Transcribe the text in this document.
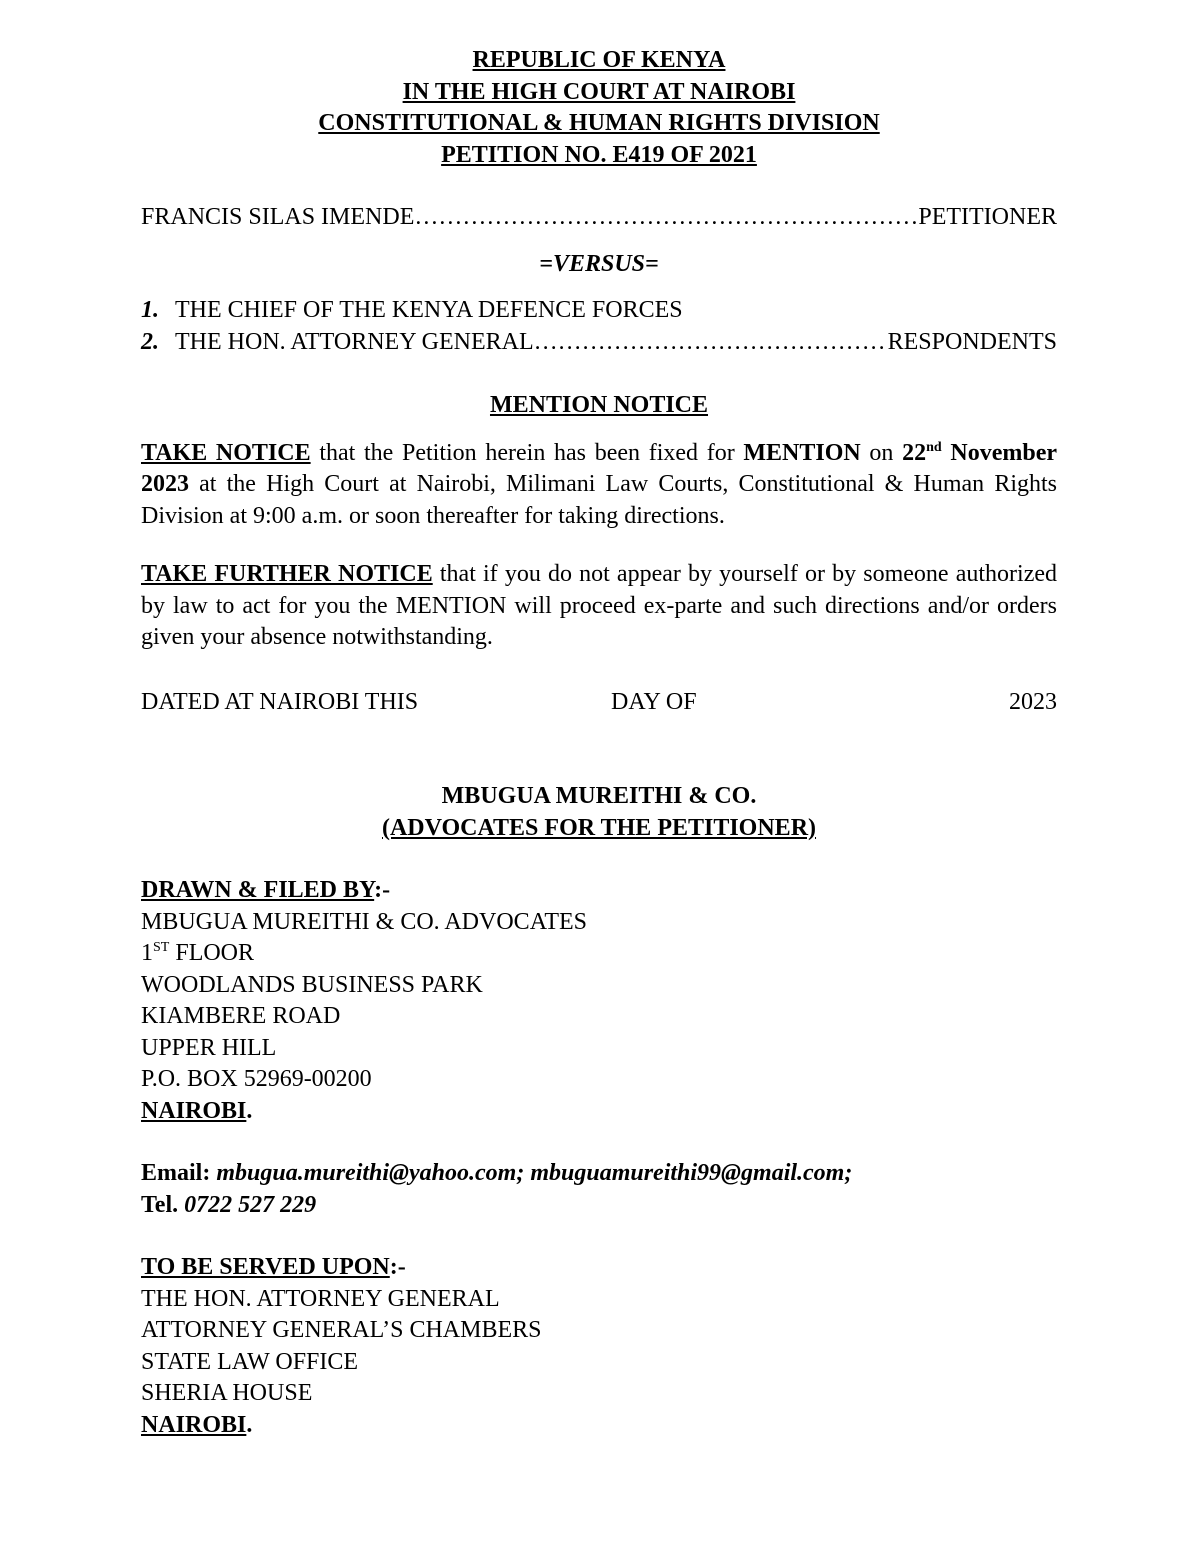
REPUBLIC OF KENYA
IN THE HIGH COURT AT NAIROBI
CONSTITUTIONAL & HUMAN RIGHTS DIVISION
PETITION NO. E419 OF 2021
FRANCIS SILAS IMENDE …………………………………………………………………………………………………………	PETITIONER
=VERSUS=
1. THE CHIEF OF THE KENYA DEFENCE FORCES
2. THE HON. ATTORNEY GENERAL …………………………………………………………………………………………………………	RESPONDENTS
MENTION NOTICE

TAKE NOTICE that the Petition herein has been fixed for MENTION on 22nd November 2023 at the High Court at Nairobi, Milimani Law Courts, Constitutional & Human Rights Division at 9:00 a.m. or soon thereafter for taking directions.

TAKE FURTHER NOTICE that if you do not appear by yourself or by someone authorized by law to act for you the MENTION will proceed ex-parte and such directions and/or orders given your absence notwithstanding.

DATED AT NAIROBI THIS	DAY OF	2023
MBUGUA MUREITHI & CO.
(ADVOCATES FOR THE PETITIONER)
DRAWN & FILED BY:-
MBUGUA MUREITHI & CO. ADVOCATES
1ST FLOOR
WOODLANDS BUSINESS PARK
KIAMBERE ROAD
UPPER HILL
P.O. BOX 52969-00200
NAIROBI.
Email: mbugua.mureithi@yahoo.com; mbuguamureithi99@gmail.com;
Tel. 0722 527 229
TO BE SERVED UPON:-
THE HON. ATTORNEY GENERAL
ATTORNEY GENERAL’S CHAMBERS
STATE LAW OFFICE
SHERIA HOUSE
NAIROBI.
